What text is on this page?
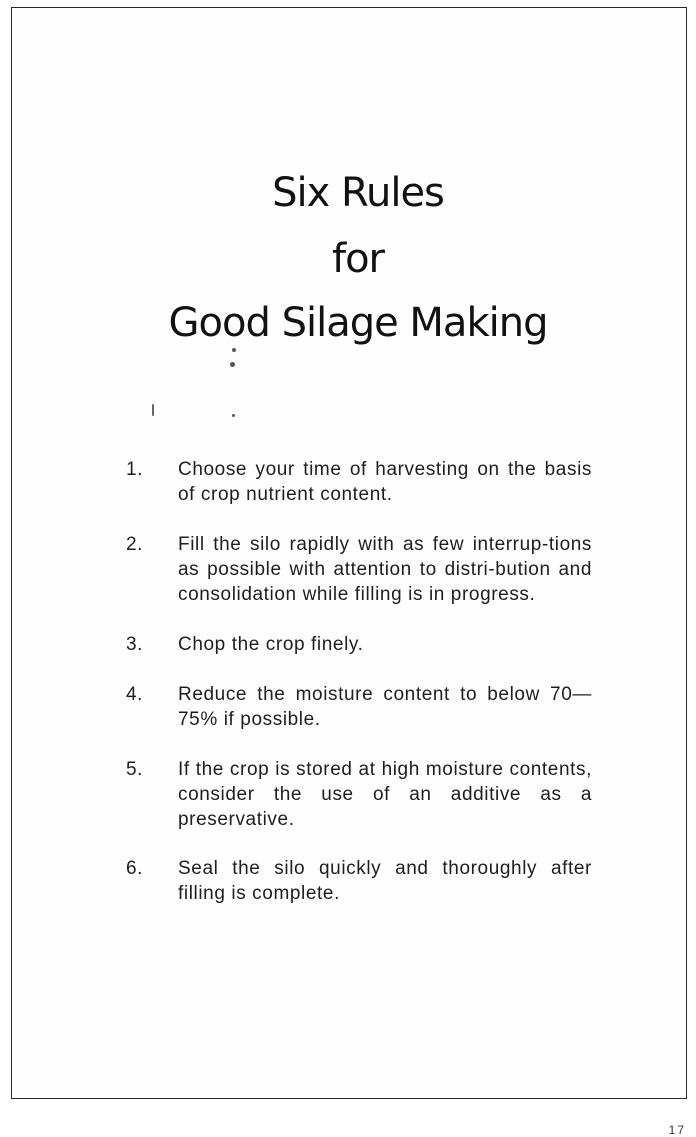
Six Rules
for
Good Silage Making
1.	Choose your time of harvesting on the basis of crop nutrient content.
2.	Fill the silo rapidly with as few interrup-tions as possible with attention to distri-bution and consolidation while filling is in progress.
3.	Chop the crop finely.
4.	Reduce the moisture content to below 70—75% if possible.
5.	If the crop is stored at high moisture contents, consider the use of an additive as a preservative.
6.	Seal the silo quickly and thoroughly after filling is complete.
17
